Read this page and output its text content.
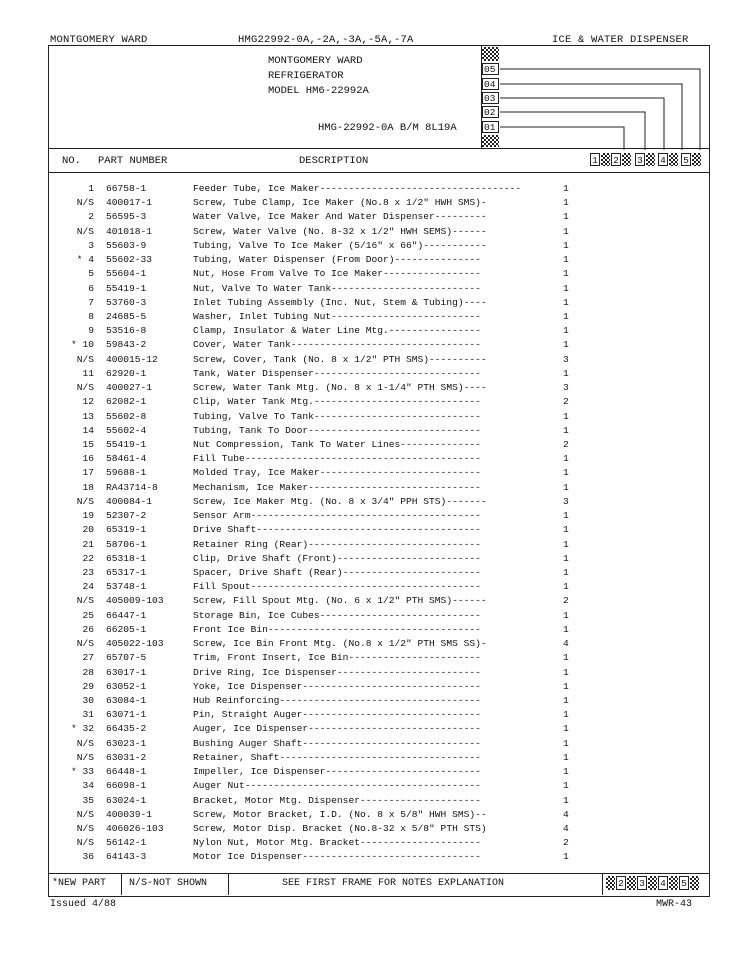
MONTGOMERY WARD	HMG22992-0A,-2A,-3A,-5A,-7A	ICE & WATER DISPENSER
MONTGOMERY WARD
REFRIGERATOR
MODEL HM6-22992A
HMG-22992-0A B/M 8L19A
05
04
03
02
01
NO. PART NUMBER	DESCRIPTION	1 2 3 4 5
1 66758-1	Feeder Tube, Ice Maker-----------------------------------	1
N/S 400017-1	Screw, Tube Clamp, Ice Maker (No.8 x 1/2" HWH SMS)-	1
2 56595-3	Water Valve, Ice Maker And Water Dispenser---------	1
N/S 401018-1	Screw, Water Valve (No. 8-32 x 1/2" HWH SEMS)------	1
3 55603-9	Tubing, Valve To Ice Maker (5/16" x 66")-----------	1
* 4 55602-33	Tubing, Water Dispenser (From Door)---------------	1
5 55604-1	Nut, Hose From Valve To Ice Maker-----------------	1
6 55419-1	Nut, Valve To Water Tank--------------------------	1
7 53760-3	Inlet Tubing Assembly (Inc. Nut, Stem & Tubing)----	1
8 24685-5	Washer, Inlet Tubing Nut--------------------------	1
9 53516-8	Clamp, Insulator & Water Line Mtg.----------------	1
* 10 59843-2	Cover, Water Tank---------------------------------	1
N/S 400015-12	Screw, Cover, Tank (No. 8 x 1/2" PTH SMS)----------	3
11 62920-1	Tank, Water Dispenser-----------------------------	1
N/S 400027-1	Screw, Water Tank Mtg. (No. 8 x 1-1/4" PTH SMS)----	3
12 62082-1	Clip, Water Tank Mtg.-----------------------------	2
13 55602-8	Tubing, Valve To Tank-----------------------------	1
14 55602-4	Tubing, Tank To Door------------------------------	1
15 55419-1	Nut Compression, Tank To Water Lines--------------	2
16 58461-4	Fill Tube-----------------------------------------	1
17 59688-1	Molded Tray, Ice Maker----------------------------	1
18 RA43714-8	Mechanism, Ice Maker------------------------------	1
N/S 400084-1	Screw, Ice Maker Mtg. (No. 8 x 3/4" PPH STS)-------	3
19 52307-2	Sensor Arm----------------------------------------	1
20 65319-1	Drive Shaft---------------------------------------	1
21 58706-1	Retainer Ring (Rear)------------------------------	1
22 65318-1	Clip, Drive Shaft (Front)-------------------------	1
23 65317-1	Spacer, Drive Shaft (Rear)------------------------	1
24 53748-1	Fill Spout----------------------------------------	1
N/S 405009-103	Screw, Fill Spout Mtg. (No. 6 x 1/2" PTH SMS)------	2
25 66447-1	Storage Bin, Ice Cubes----------------------------	1
26 66205-1	Front Ice Bin-------------------------------------	1
N/S 405022-103	Screw, Ice Bin Front Mtg. (No.8 x 1/2" PTH SMS SS)-	4
27 65707-5	Trim, Front Insert, Ice Bin-----------------------	1
28 63017-1	Drive Ring, Ice Dispenser-------------------------	1
29 63052-1	Yoke, Ice Dispenser-------------------------------	1
30 63084-1	Hub Reinforcing-----------------------------------	1
31 63071-1	Pin, Straight Auger-------------------------------	1
* 32 66435-2	Auger, Ice Dispenser------------------------------	1
N/S 63023-1	Bushing Auger Shaft-------------------------------	1
N/S 63031-2	Retainer, Shaft-----------------------------------	1
* 33 66448-1	Impeller, Ice Dispenser---------------------------	1
34 66098-1	Auger Nut-----------------------------------------	1
35 63024-1	Bracket, Motor Mtg. Dispenser---------------------	1
N/S 400039-1	Screw, Motor Bracket, I.D. (No. 8 x 5/8" HWH SMS)--	4
N/S 406026-103	Screw, Motor Disp. Bracket (No.8-32 x 5/8" PTH STS)	4
N/S 56142-1	Nylon Nut, Motor Mtg. Bracket---------------------	2
36 64143-3	Motor Ice Dispenser-------------------------------	1
*NEW PART N/S-NOT SHOWN	SEE FIRST FRAME FOR NOTES EXPLANATION	2 3 4 5
Issued 4/88	MWR-43
